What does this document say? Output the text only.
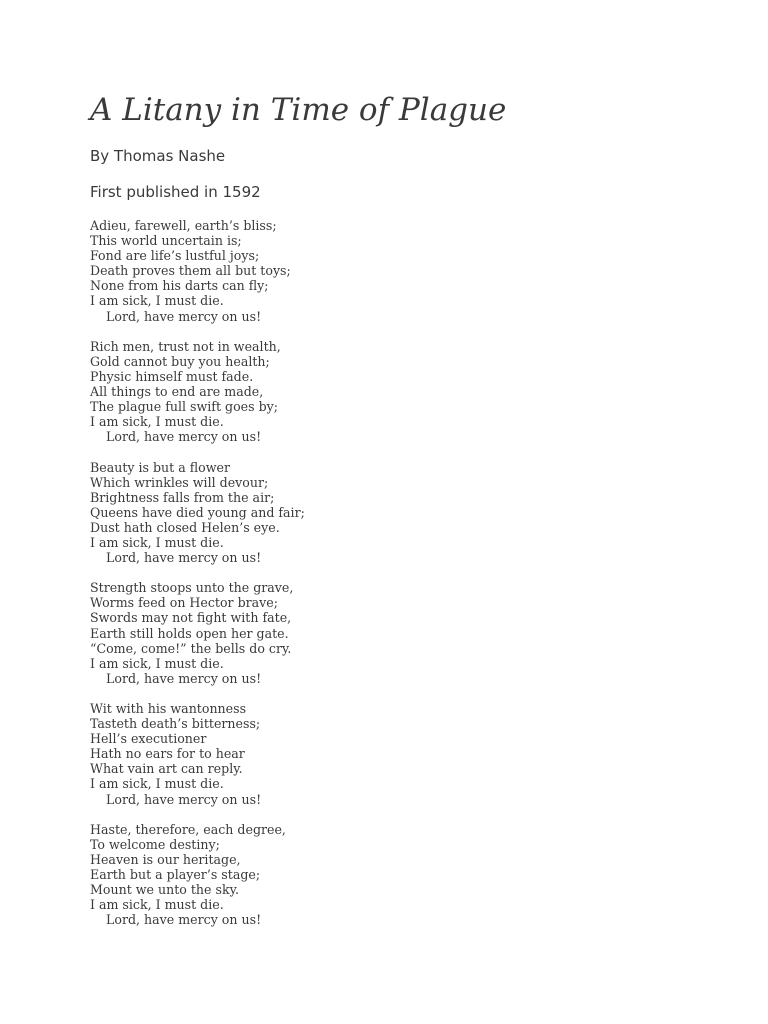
A Litany in Time of Plague

By Thomas Nashe

First published in 1592

Adieu, farewell, earth’s bliss;
This world uncertain is;
Fond are life’s lustful joys;
Death proves them all but toys;
None from his darts can fly;
I am sick, I must die.
Lord, have mercy on us!
Rich men, trust not in wealth,
Gold cannot buy you health;
Physic himself must fade.
All things to end are made,
The plague full swift goes by;
I am sick, I must die.
Lord, have mercy on us!
Beauty is but a flower
Which wrinkles will devour;
Brightness falls from the air;
Queens have died young and fair;
Dust hath closed Helen’s eye.
I am sick, I must die.
Lord, have mercy on us!
Strength stoops unto the grave,
Worms feed on Hector brave;
Swords may not fight with fate,
Earth still holds open her gate.
“Come, come!” the bells do cry.
I am sick, I must die.
Lord, have mercy on us!
Wit with his wantonness
Tasteth death’s bitterness;
Hell’s executioner
Hath no ears for to hear
What vain art can reply.
I am sick, I must die.
Lord, have mercy on us!
Haste, therefore, each degree,
To welcome destiny;
Heaven is our heritage,
Earth but a player’s stage;
Mount we unto the sky.
I am sick, I must die.
Lord, have mercy on us!
